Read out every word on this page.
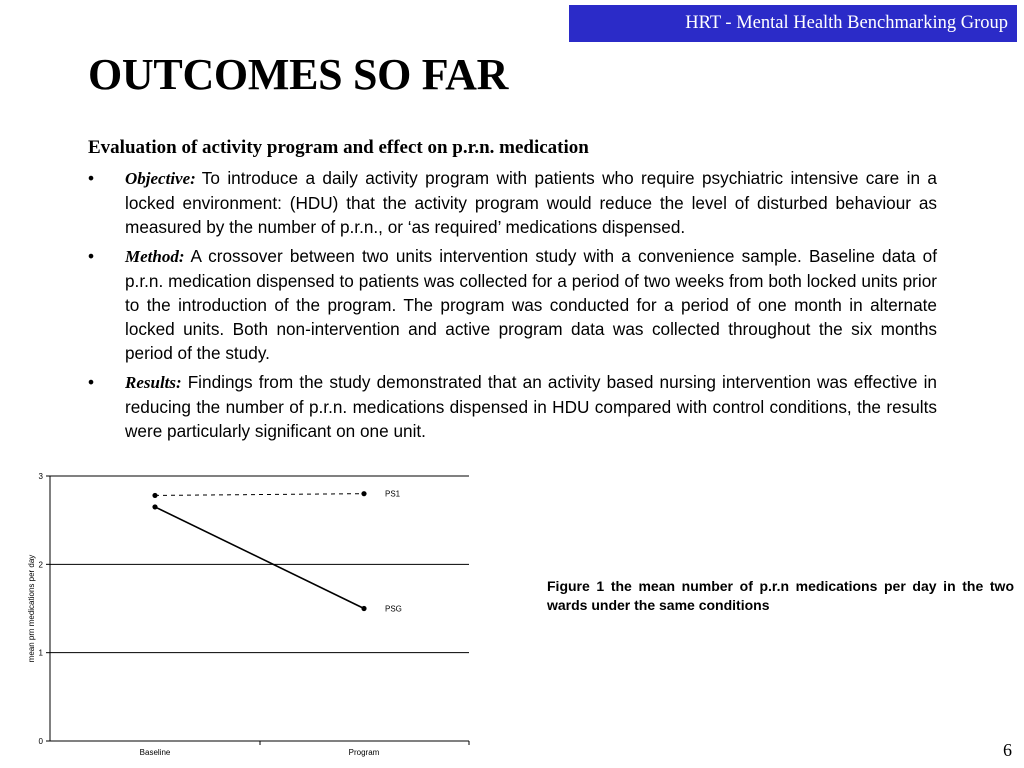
HRT - Mental Health Benchmarking Group
OUTCOMES SO FAR
Evaluation of activity program and effect on p.r.n. medication
•	Objective: To introduce a daily activity program with patients who require psychiatric intensive care in a locked environment: (HDU) that the activity program would reduce the level of disturbed behaviour as measured by the number of p.r.n., or ‘as required’ medications dispensed.
•	Method: A crossover between two units intervention study with a convenience sample. Baseline data of p.r.n. medication dispensed to patients was collected for a period of two weeks from both locked units prior to the introduction of the program. The program was conducted for a period of one month in alternate locked units. Both non-intervention and active program data was collected throughout the six months period of the study.
•	Results: Findings from the study demonstrated that an activity based nursing intervention was effective in reducing the number of p.r.n. medications dispensed in HDU compared with control conditions, the results were particularly significant on one unit.
0
1
2
3
Baseline	Program
mean prn medications per day
PS1
PSG

Figure 1 the mean number of p.r.n medications per day in the two wards under the same conditions

6
